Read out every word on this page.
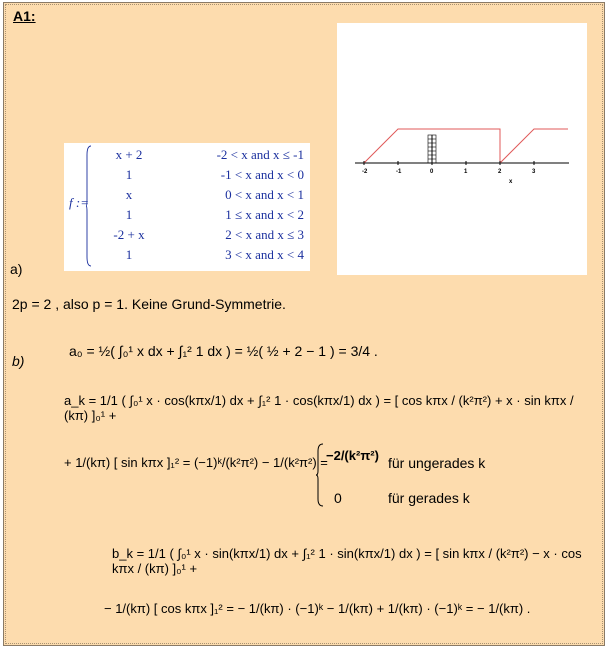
A1:
f :=
x + 2	-2 < x and x ≤ -1
1	-1 < x and x < 0
x	0 < x and x < 1
1	1 ≤ x and x < 2
-2 + x	2 < x and x ≤ 3
1	3 < x and x < 4
-2	-1	0	1	2	3
x
a)
2p = 2 , also p = 1. Keine Grund-Symmetrie.
b)
a₀ = ½( ∫₀¹ x dx + ∫₁² 1 dx ) = ½( ½ + 2 − 1 ) = 3/4 .
a_k = 1/1 ( ∫₀¹ x · cos(kπx/1) dx + ∫₁² 1 · cos(kπx/1) dx ) = [ cos kπx / (k²π²) + x · sin kπx / (kπ) ]₀¹ +
+ 1/(kπ) [ sin kπx ]₁² = (−1)ᵏ/(k²π²) − 1/(k²π²) =
−2/(k²π²) für ungerades k
0	für gerades k
b_k = 1/1 ( ∫₀¹ x · sin(kπx/1) dx + ∫₁² 1 · sin(kπx/1) dx ) = [ sin kπx / (k²π²) − x · cos kπx / (kπ) ]₀¹ +
− 1/(kπ) [ cos kπx ]₁² = − 1/(kπ) · (−1)ᵏ − 1/(kπ) + 1/(kπ) · (−1)ᵏ = − 1/(kπ) .
